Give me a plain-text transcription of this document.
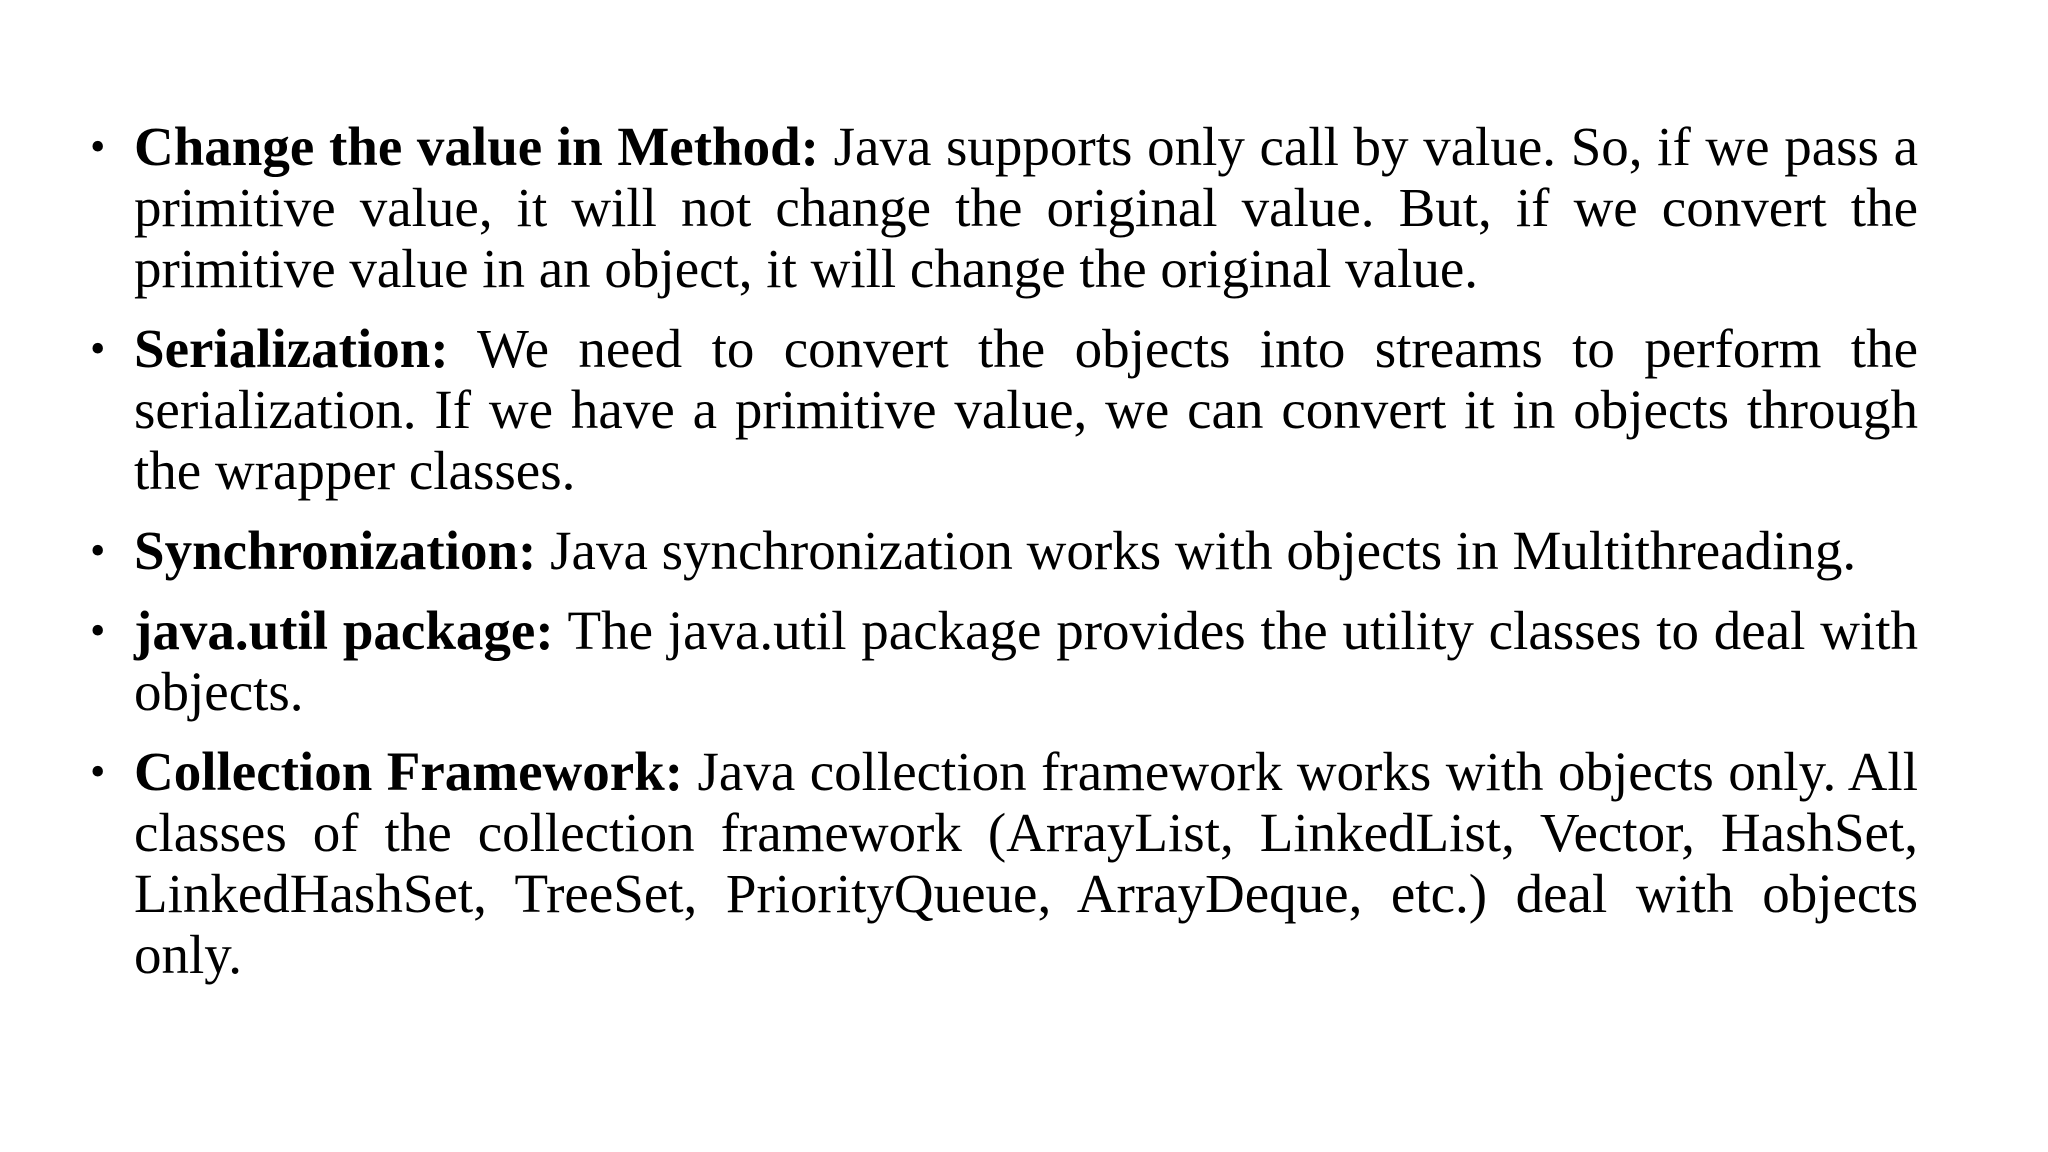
• Change the value in Method: Java supports only call by value. So, if we pass a primitive value, it will not change the original value. But, if we convert the primitive value in an object, it will change the original value.
• Serialization: We need to convert the objects into streams to perform the serialization. If we have a primitive value, we can convert it in objects through the wrapper classes.
• Synchronization: Java synchronization works with objects in Multithreading.
• java.util package: The java.util package provides the utility classes to deal with objects.
• Collection Framework: Java collection framework works with objects only. All classes of the collection framework (ArrayList, LinkedList, Vector, HashSet, LinkedHashSet, TreeSet, PriorityQueue, ArrayDeque, etc.) deal with objects only.
